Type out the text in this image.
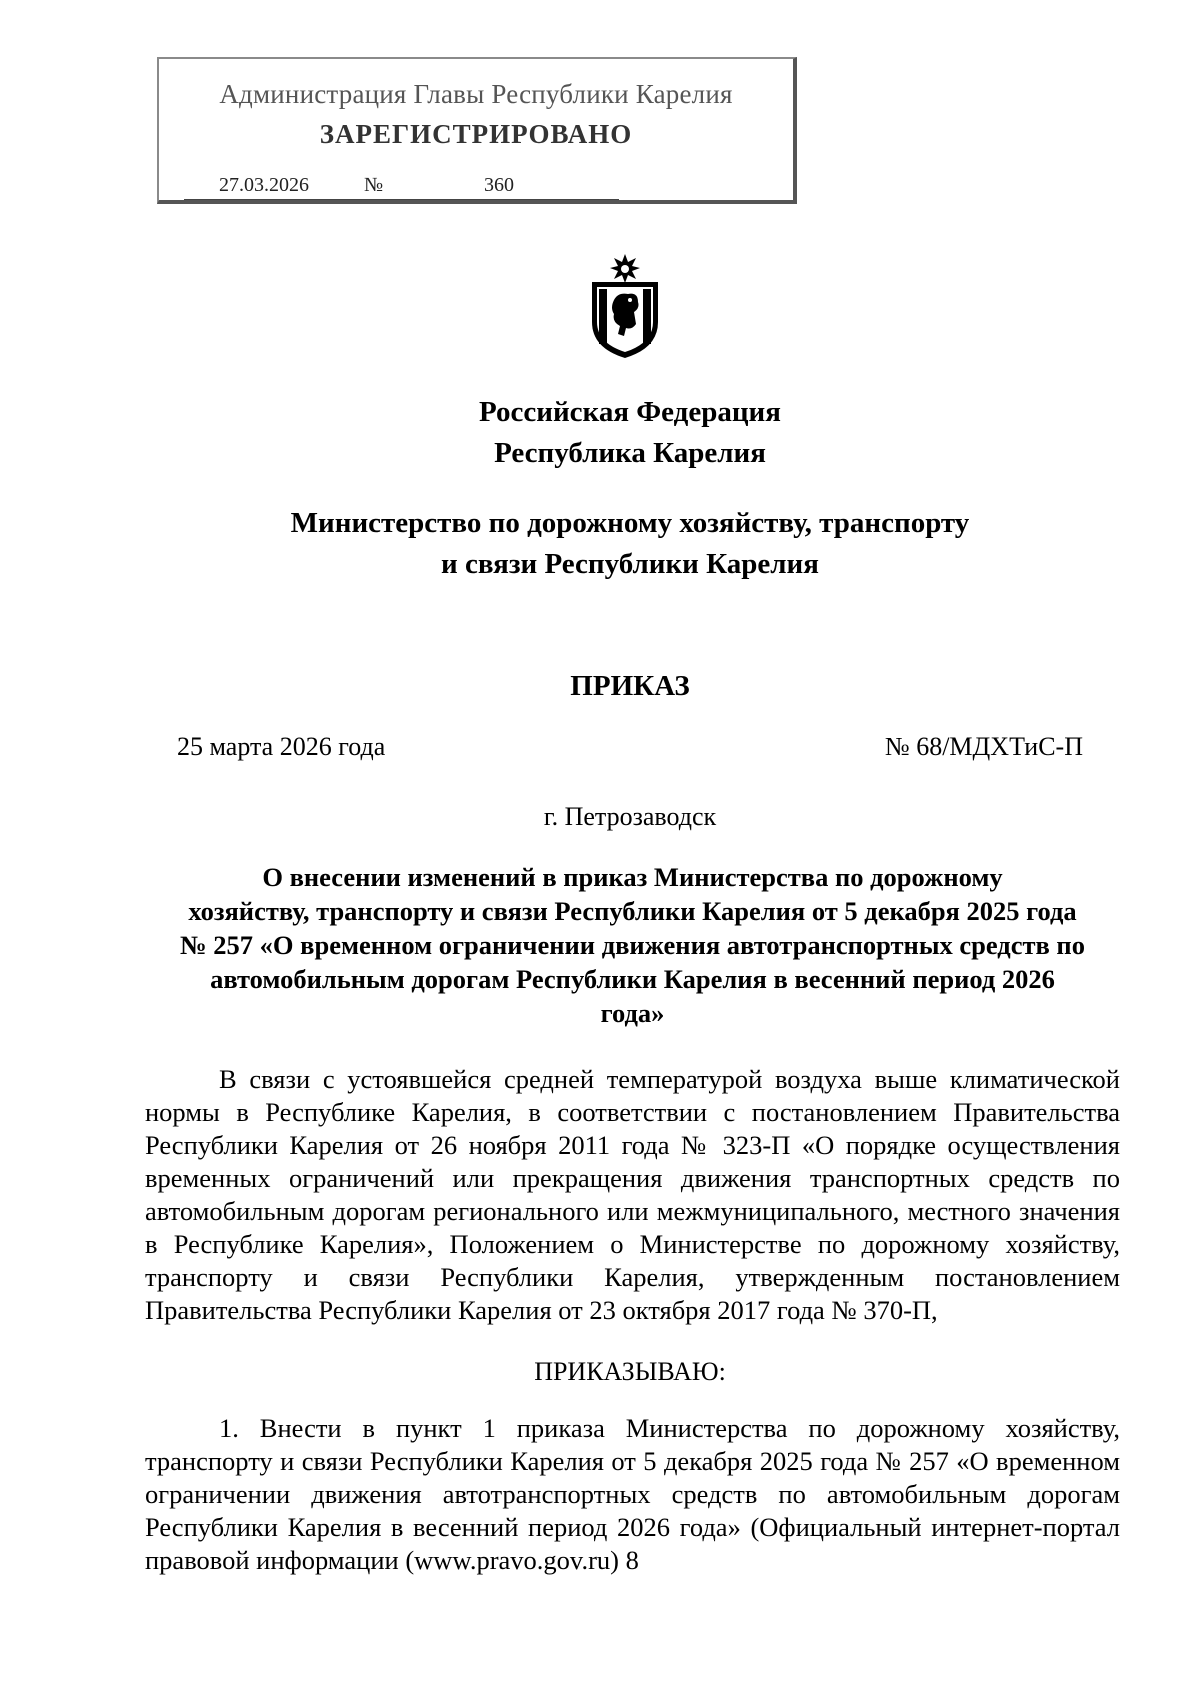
Администрация Главы Республики Карелия
ЗАРЕГИСТРИРОВАНО
27.03.2026	№	360
Российская Федерация
Республика Карелия
Министерство по дорожному хозяйству, транспорту
и связи Республики Карелия
ПРИКАЗ
25 марта 2026 года	№ 68/МДХТиС-П
г. Петрозаводск
О внесении изменений в приказ Министерства по дорожному
хозяйству, транспорту и связи Республики Карелия от 5 декабря 2025 года
№ 257 «О временном ограничении движения автотранспортных средств по
автомобильным дорогам Республики Карелия в весенний период 2026
года»
В связи с устоявшейся средней температурой воздуха выше климатической нормы в Республике Карелия, в соответствии с постановлением Правительства Республики Карелия от 26 ноября 2011 года № 323-П «О порядке осуществления временных ограничений или прекращения движения транспортных средств по автомобильным дорогам регионального или межмуниципального, местного значения в Республике Карелия», Положением о Министерстве по дорожному хозяйству, транспорту и связи Республики Карелия, утвержденным постановлением Правительства Республики Карелия от 23 октября 2017 года № 370-П,
ПРИКАЗЫВАЮ:
1. Внести в пункт 1 приказа Министерства по дорожному хозяйству, транспорту и связи Республики Карелия от 5 декабря 2025 года № 257 «О временном ограничении движения автотранспортных средств по автомобильным дорогам Республики Карелия в весенний период 2026 года» (Официальный интернет-портал правовой информации (www.pravo.gov.ru) 8
